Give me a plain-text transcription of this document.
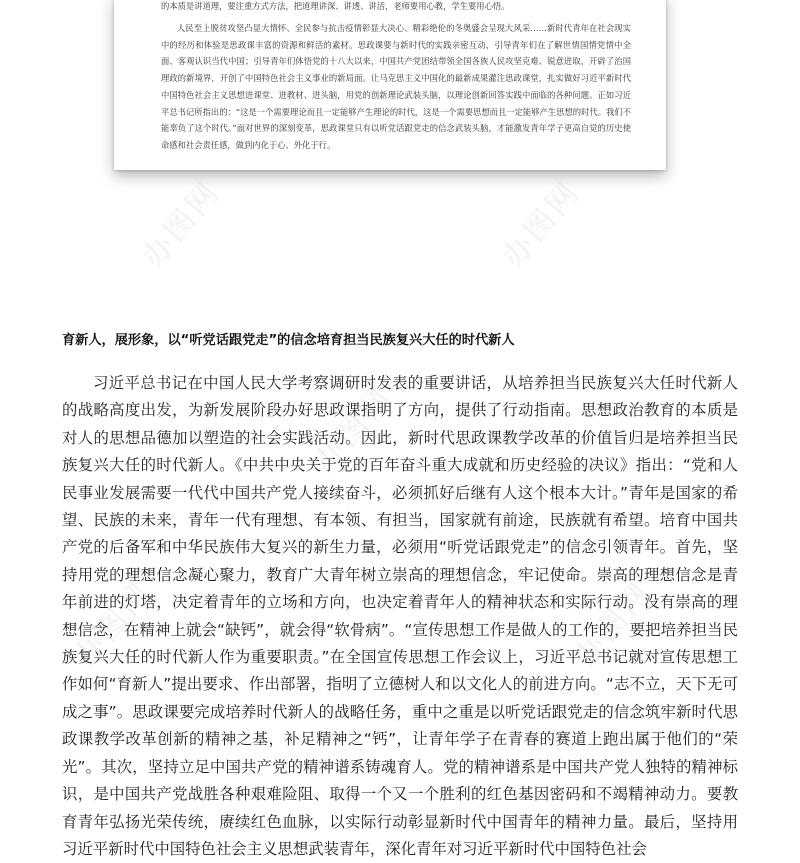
的本质是讲道理，要注重方式方法，把道理讲深、讲透、讲活，老师要用心教，学生要用心悟。

人民至上脱贫攻坚凸显大情怀、全民参与抗击疫情彰显大决心、精彩绝伦的冬奥盛会呈现大风采……新时代青年在社会现实中的经历和体验是思政课丰富的资源和鲜活的素材。思政课要与新时代的实践亲密互动，引导青年们在了解世情国情党情中全面、客观认识当代中国；引导青年们体悟党的十八大以来，中国共产党团结带领全国各族人民攻坚克难、锐意进取，开辟了治国理政的新境界，开创了中国特色社会主义事业的新局面。让马克思主义中国化的最新成果灌注思政课堂，扎实做好习近平新时代中国特色社会主义思想进课堂、进教材、进头脑，用党的创新理论武装头脑，以理论创新回答实践中面临的各种问题。正如习近平总书记所指出的：“这是一个需要理论而且一定能够产生理论的时代，这是一个需要思想而且一定能够产生思想的时代。我们不能辜负了这个时代。”面对世界的深刻变革，思政课堂只有以听党话跟党走的信念武装头脑，才能激发青年学子更高自觉的历史使命感和社会责任感，做到内化于心、外化于行。

办图网	办图网
办图网
办图网	办图网
育新人，展形象，以“听党话跟党走”的信念培育担当民族复兴大任的时代新人

习近平总书记在中国人民大学考察调研时发表的重要讲话，从培养担当民族复兴大任时代新人的战略高度出发，为新发展阶段办好思政课指明了方向，提供了行动指南。思想政治教育的本质是对人的思想品德加以塑造的社会实践活动。因此，新时代思政课教学改革的价值旨归是培养担当民族复兴大任的时代新人。《中共中央关于党的百年奋斗重大成就和历史经验的决议》指出：“党和人民事业发展需要一代代中国共产党人接续奋斗，必须抓好后继有人这个根本大计。”青年是国家的希望、民族的未来，青年一代有理想、有本领、有担当，国家就有前途，民族就有希望。培育中国共产党的后备军和中华民族伟大复兴的新生力量，必须用“听党话跟党走”的信念引领青年。首先，坚持用党的理想信念凝心聚力，教育广大青年树立崇高的理想信念，牢记使命。崇高的理想信念是青年前进的灯塔，决定着青年的立场和方向，也决定着青年人的精神状态和实际行动。没有崇高的理想信念，在精神上就会“缺钙”，就会得“软骨病”。“宣传思想工作是做人的工作的，要把培养担当民族复兴大任的时代新人作为重要职责。”在全国宣传思想工作会议上，习近平总书记就对宣传思想工作如何“育新人”提出要求、作出部署，指明了立德树人和以文化人的前进方向。“志不立，天下无可成之事”。思政课要完成培养时代新人的战略任务，重中之重是以听党话跟党走的信念筑牢新时代思政课教学改革创新的精神之基，补足精神之“钙”，让青年学子在青春的赛道上跑出属于他们的“荣光”。其次，坚持立足中国共产党的精神谱系铸魂育人。党的精神谱系是中国共产党人独特的精神标识，是中国共产党战胜各种艰难险阻、取得一个又一个胜利的红色基因密码和不竭精神动力。要教育青年弘扬光荣传统，赓续红色血脉，以实际行动彰显新时代中国青年的精神力量。最后，坚持用习近平新时代中国特色社会主义思想武装青年，深化青年对习近平新时代中国特色社会
